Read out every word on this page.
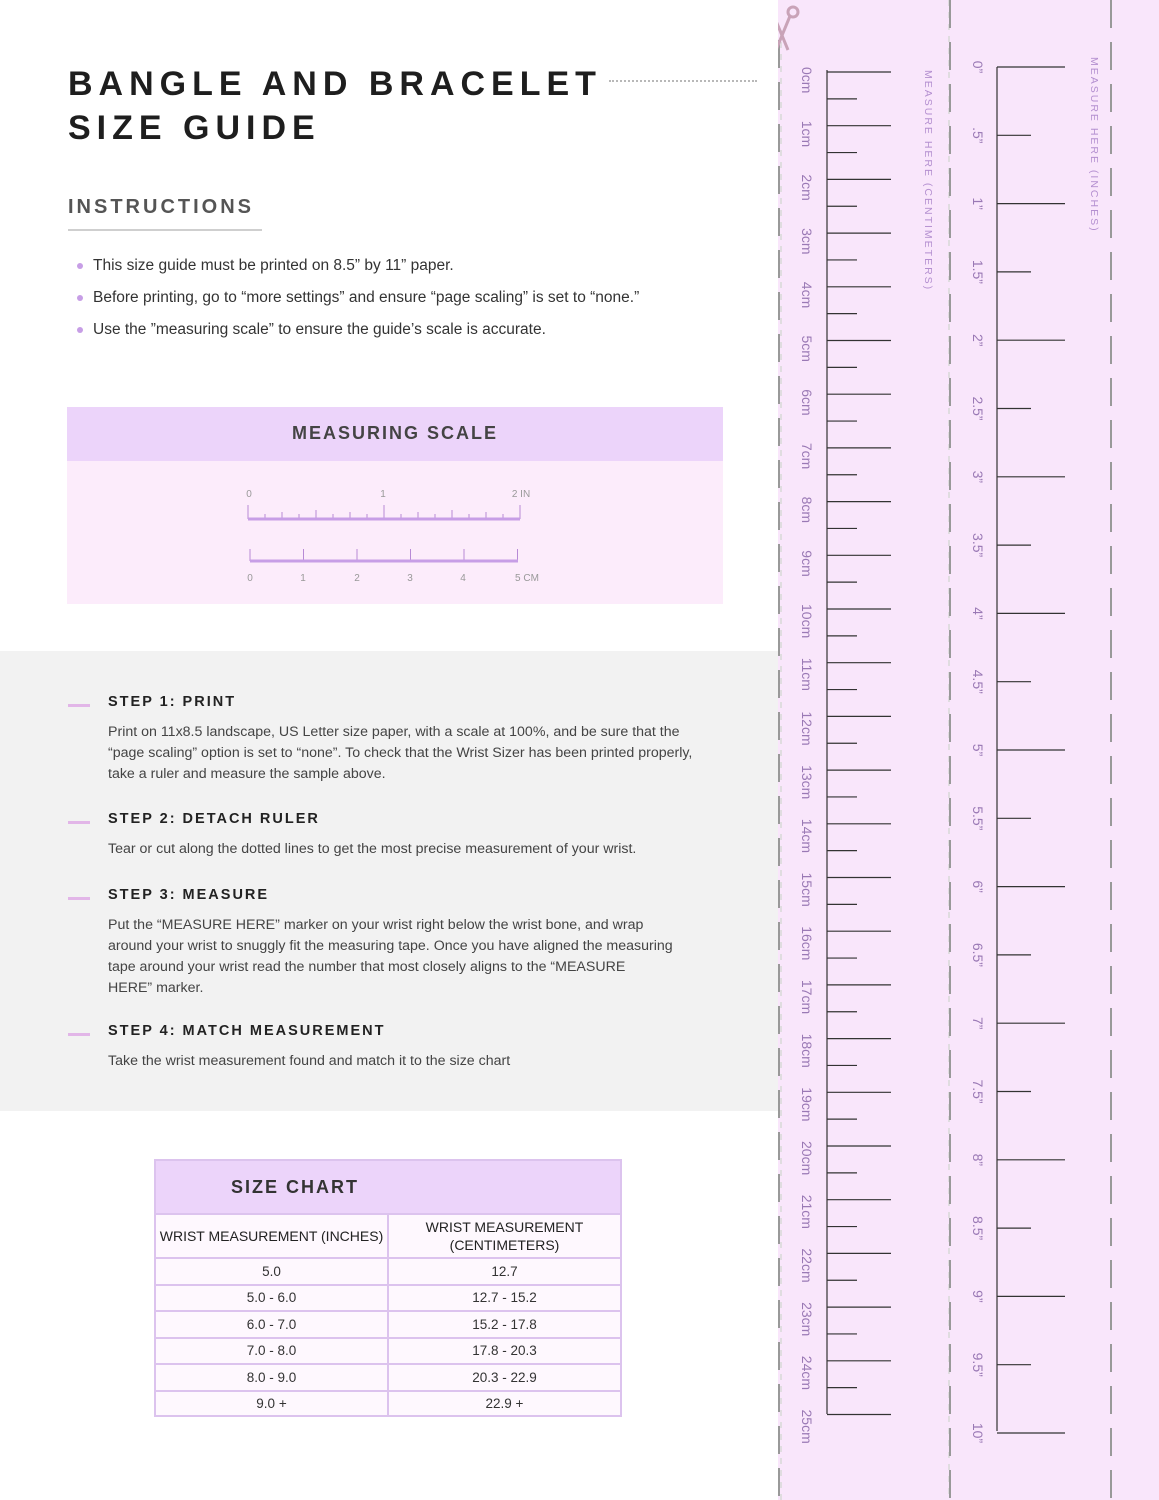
BANGLE AND BRACELET
SIZE GUIDE
INSTRUCTIONS
This size guide must be printed on 8.5” by 11” paper.
Before printing, go to “more settings” and ensure “page scaling” is set to “none.”
Use the ”measuring scale” to ensure the guide’s scale is accurate.
MEASURING SCALE
0	1	2 IN
0	1	2	3	4	5 CM
STEP 1: PRINT
Print on 11x8.5 landscape, US Letter size paper, with a scale at 100%, and be sure that the “page scaling” option is set to “none”. To check that the Wrist Sizer has been printed properly, take a ruler and measure the sample above.
STEP 2: DETACH RULER
Tear or cut along the dotted lines to get the most precise measurement of your wrist.
STEP 3: MEASURE
Put the “MEASURE HERE” marker on your wrist right below the wrist bone, and wrap around your wrist to snuggly fit the measuring tape. Once you have aligned the measuring tape around your wrist read the number that most closely aligns to the “MEASURE HERE” marker.
STEP 4: MATCH MEASUREMENT
Take the wrist measurement found and match it to the size chart
SIZE CHART
WRIST MEASUREMENT (INCHES)	WRIST MEASUREMENT (CENTIMETERS)
5.0	12.7
5.0 - 6.0	12.7 - 15.2
6.0 - 7.0	15.2 - 17.8
7.0 - 8.0	17.8 - 20.3
8.0 - 9.0	20.3 - 22.9
9.0 +	22.9 +
0cm
1cm
2cm
3cm
4cm
5cm
6cm
7cm
8cm
9cm
10cm
11cm
12cm
13cm
14cm
15cm
16cm
17cm
18cm
19cm
20cm
21cm
22cm
23cm
24cm
25cm
MEASURE HERE (CENTIMETERS)
0”
.5”
1”
1.5”
2”
2.5”
3”
3.5”
4”
4.5”
5”
5.5”
6”
6.5”
7”
7.5”
8”
8.5”
9”
9.5”
10”
MEASURE HERE (INCHES)
